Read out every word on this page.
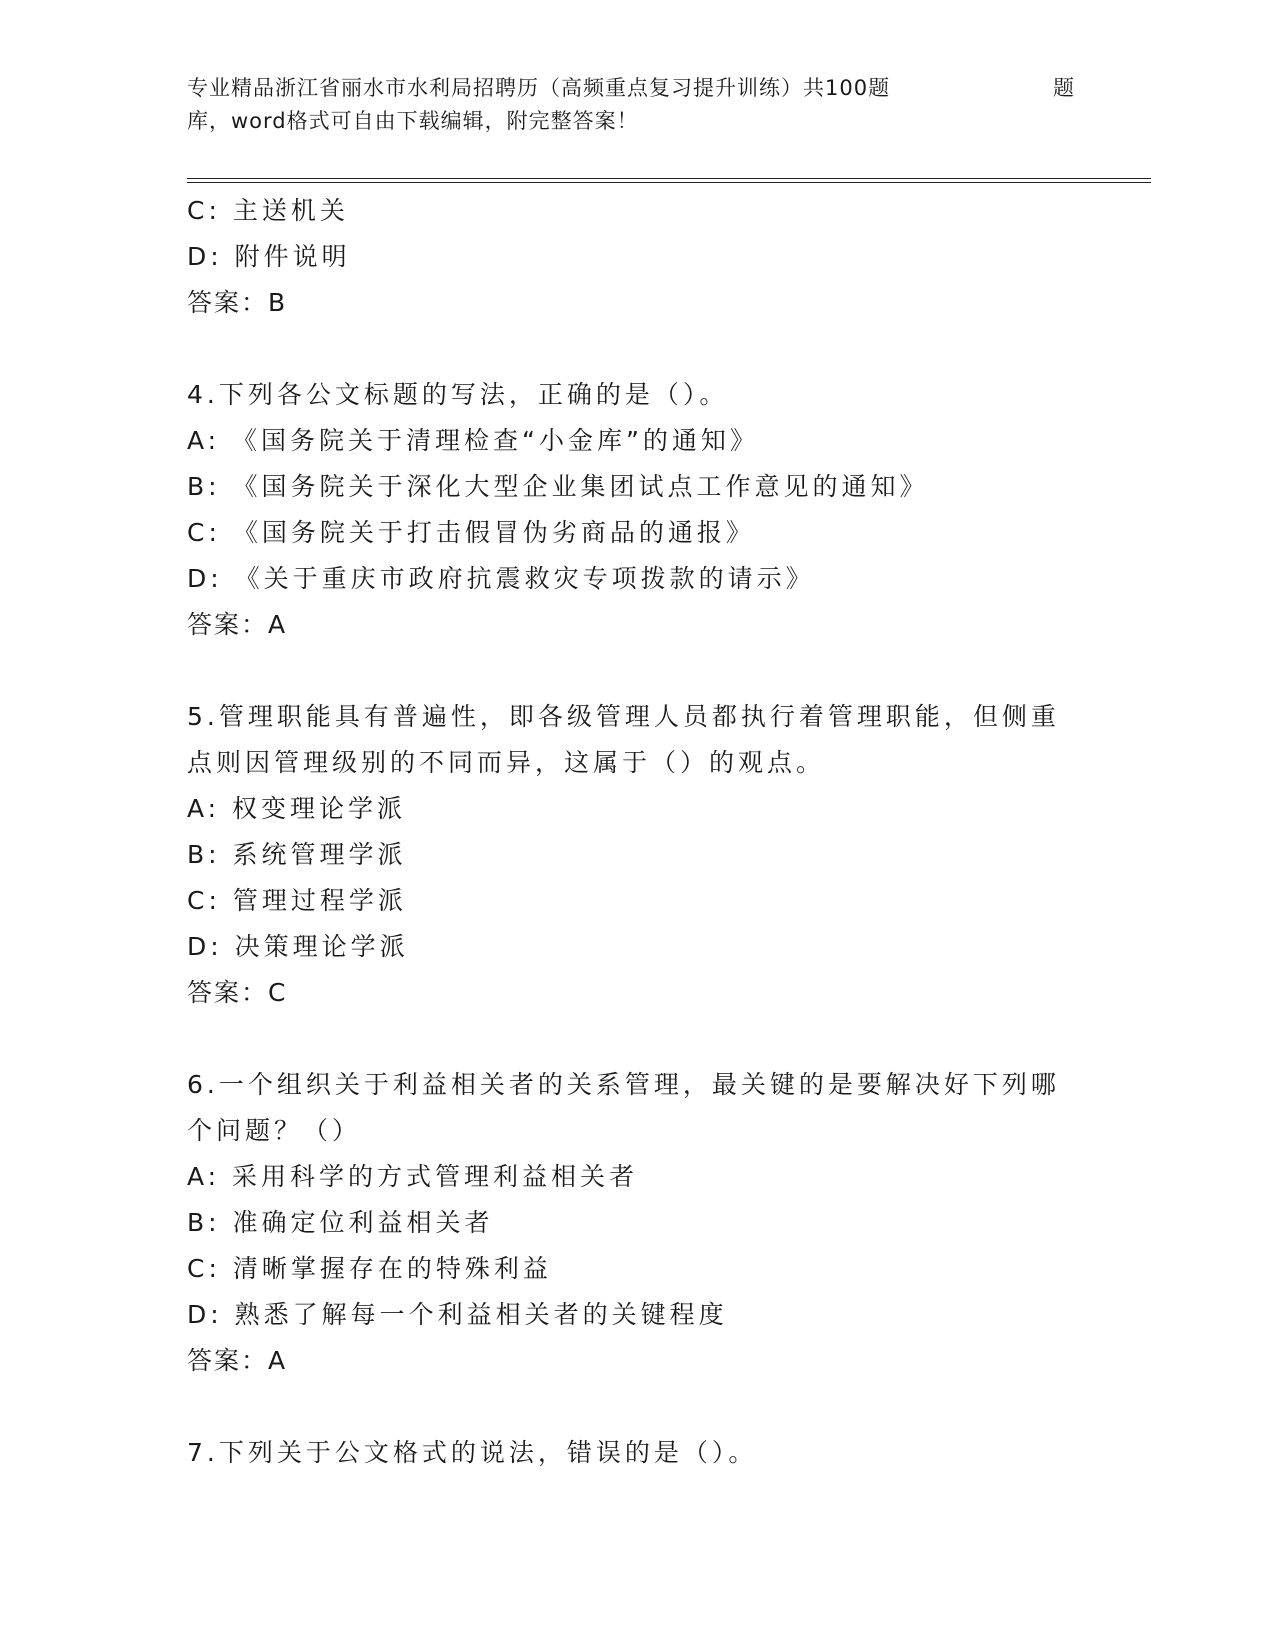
专业精品浙江省丽水市水利局招聘历（高频重点复习提升训练）共100题	题
库，word格式可自由下载编辑，附完整答案！
C: 主送机关
D: 附件说明
答案：B
4.下列各公文标题的写法，正确的是（）。
A: 《国务院关于清理检查“小金库”的通知》
B: 《国务院关于深化大型企业集团试点工作意见的通知》
C: 《国务院关于打击假冒伪劣商品的通报》
D: 《关于重庆市政府抗震救灾专项拨款的请示》
答案：A
5.管理职能具有普遍性，即各级管理人员都执行着管理职能，但侧重
点则因管理级别的不同而异，这属于（）的观点。
A: 权变理论学派
B: 系统管理学派
C: 管理过程学派
D: 决策理论学派
答案：C
6.一个组织关于利益相关者的关系管理，最关键的是要解决好下列哪
个问题？（）
A: 采用科学的方式管理利益相关者
B: 准确定位利益相关者
C: 清晰掌握存在的特殊利益
D: 熟悉了解每一个利益相关者的关键程度
答案：A
7.下列关于公文格式的说法，错误的是（）。
